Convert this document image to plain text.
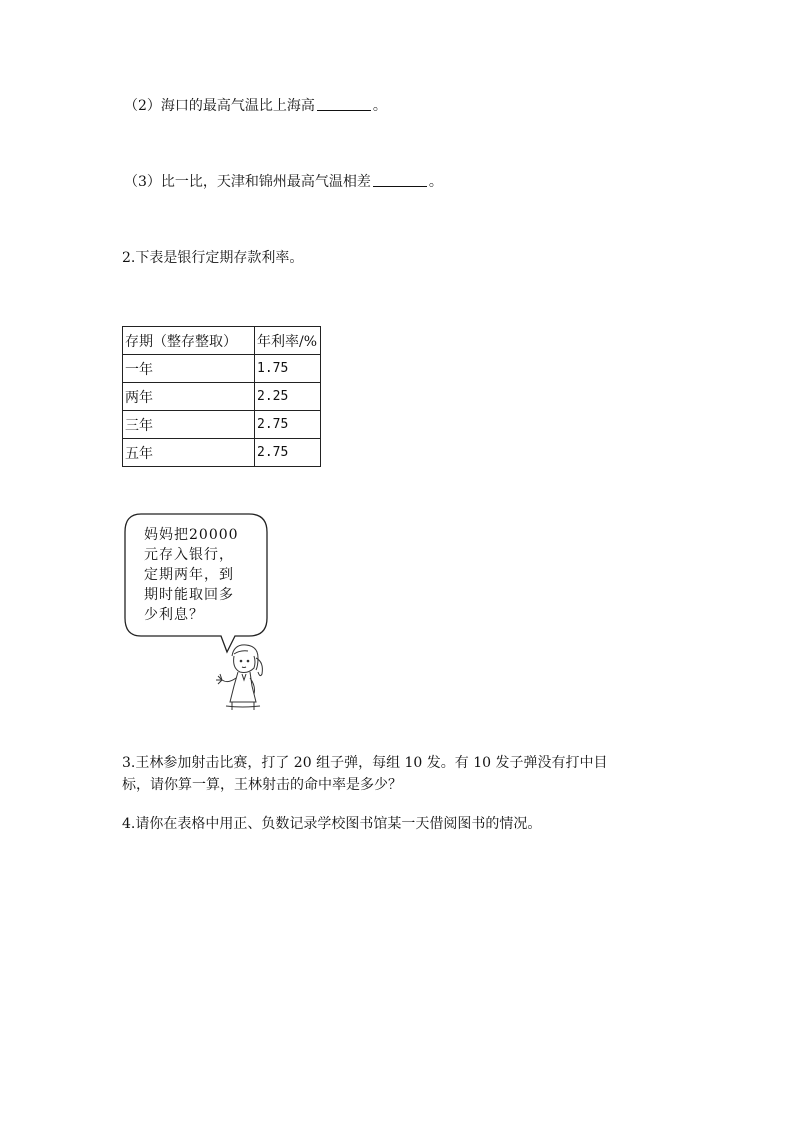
（2）海口的最高气温比上海高	。
（3）比一比，天津和锦州最高气温相差	。
2.下表是银行定期存款利率。
存期（整存整取）	年利率/%
一年	1.75
两年	2.25
三年	2.75
五年	2.75
妈妈把20000
元存入银行，
定期两年，到
期时能取回多
少利息？
3.王林参加射击比赛，打了 20 组子弹，每组 10 发。有 10 发子弹没有打中目
标，请你算一算，王林射击的命中率是多少？
4.请你在表格中用正、负数记录学校图书馆某一天借阅图书的情况。
